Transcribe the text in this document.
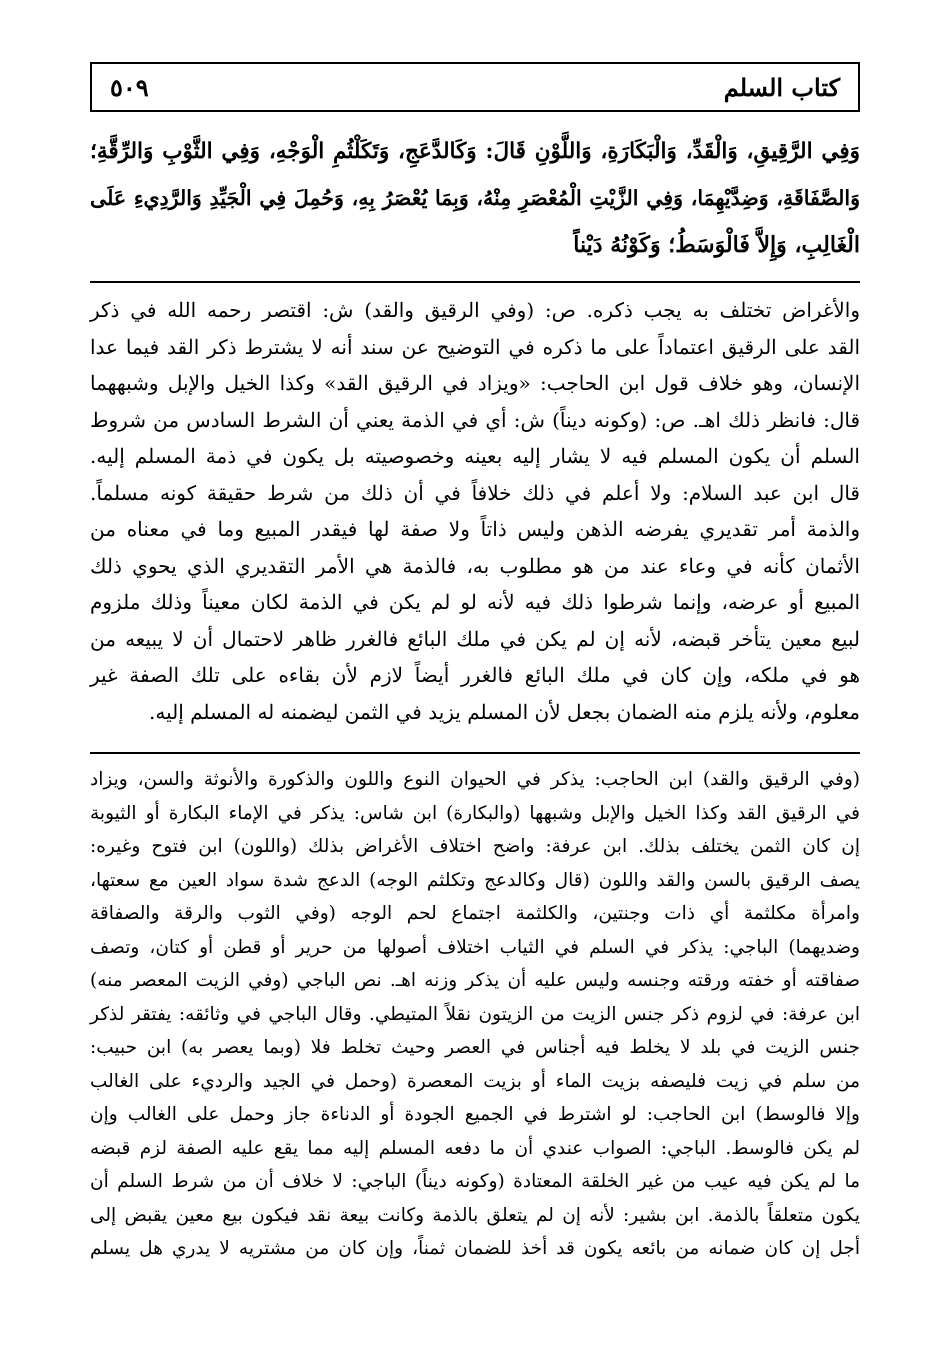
كتاب السلم
٥٠٩
وَفِي الرَّقِيقِ، وَالْقَدِّ، وَالْبَكَارَةِ، وَاللَّوْنِ قَالَ: وَكَالدَّعَجِ، وَتَكَلْثُمِ الْوَجْهِ، وَفِي الثَّوْبِ وَالرِّقَّةِ؛
وَالصَّفَاقَةِ، وَضِدَّيْهِمَا، وَفِي الزَّيْتِ الْمُعْصَرِ مِنْهُ، وَبِمَا يُعْصَرُ بِهِ، وَحُمِلَ فِي الْجَيِّدِ وَالرَّدِيءِ عَلَى
الْغَالِبِ، وَإِلاَّ فَالْوَسَطُ؛ وَكَوْنُهُ دَيْناً
والأغراض تختلف به يجب ذكره. ص: (وفي الرقيق والقد) ش: اقتصر رحمه الله في ذكر
القد على الرقيق اعتماداً على ما ذكره في التوضيح عن سند أنه لا يشترط ذكر القد فيما عدا
الإنسان، وهو خلاف قول ابن الحاجب: «ويزاد في الرقيق القد» وكذا الخيل والإبل وشبههما
قال: فانظر ذلك اهـ. ص: (وكونه ديناً) ش: أي في الذمة يعني أن الشرط السادس من شروط
السلم أن يكون المسلم فيه لا يشار إليه بعينه وخصوصيته بل يكون في ذمة المسلم إليه.
قال ابن عبد السلام: ولا أعلم في ذلك خلافاً في أن ذلك من شرط حقيقة كونه مسلماً.
والذمة أمر تقديري يفرضه الذهن وليس ذاتاً ولا صفة لها فيقدر المبيع وما في معناه من
الأثمان كأنه في وعاء عند من هو مطلوب به، فالذمة هي الأمر التقديري الذي يحوي ذلك
المبيع أو عرضه، وإنما شرطوا ذلك فيه لأنه لو لم يكن في الذمة لكان معيناً وذلك ملزوم
لبيع معين يتأخر قبضه، لأنه إن لم يكن في ملك البائع فالغرر ظاهر لاحتمال أن لا يبيعه من
هو في ملكه، وإن كان في ملك البائع فالغرر أيضاً لازم لأن بقاءه على تلك الصفة غير
معلوم، ولأنه يلزم منه الضمان بجعل لأن المسلم يزيد في الثمن ليضمنه له المسلم إليه.
(وفي الرقيق والقد) ابن الحاجب: يذكر في الحيوان النوع واللون والذكورة والأنوثة والسن، ويزاد
في الرقيق القد وكذا الخيل والإبل وشبهها (والبكارة) ابن شاس: يذكر في الإماء البكارة أو الثيوبة
إن كان الثمن يختلف بذلك. ابن عرفة: واضح اختلاف الأغراض بذلك (واللون) ابن فتوح وغيره:
يصف الرقيق بالسن والقد واللون (قال وكالدعج وتكلثم الوجه) الدعج شدة سواد العين مع سعتها،
وامرأة مكلثمة أي ذات وجنتين، والكلثمة اجتماع لحم الوجه (وفي الثوب والرقة والصفاقة
وضديهما) الباجي: يذكر في السلم في الثياب اختلاف أصولها من حرير أو قطن أو كتان، وتصف
صفاقته أو خفته ورقته وجنسه وليس عليه أن يذكر وزنه اهـ. نص الباجي (وفي الزيت المعصر منه)
ابن عرفة: في لزوم ذكر جنس الزيت من الزيتون نقلاً المتيطي. وقال الباجي في وثائقه: يفتقر لذكر
جنس الزيت في بلد لا يخلط فيه أجناس في العصر وحيث تخلط فلا (وبما يعصر به) ابن حبيب:
من سلم في زيت فليصفه بزيت الماء أو بزيت المعصرة (وحمل في الجيد والرديء على الغالب
وإلا فالوسط) ابن الحاجب: لو اشترط في الجميع الجودة أو الدناءة جاز وحمل على الغالب وإن
لم يكن فالوسط. الباجي: الصواب عندي أن ما دفعه المسلم إليه مما يقع عليه الصفة لزم قبضه
ما لم يكن فيه عيب من غير الخلقة المعتادة (وكونه ديناً) الباجي: لا خلاف أن من شرط السلم أن
يكون متعلقاً بالذمة. ابن بشير: لأنه إن لم يتعلق بالذمة وكانت بيعة نقد فيكون بيع معين يقبض إلى
أجل إن كان ضمانه من بائعه يكون قد أخذ للضمان ثمناً، وإن كان من مشتريه لا يدري هل يسلم
